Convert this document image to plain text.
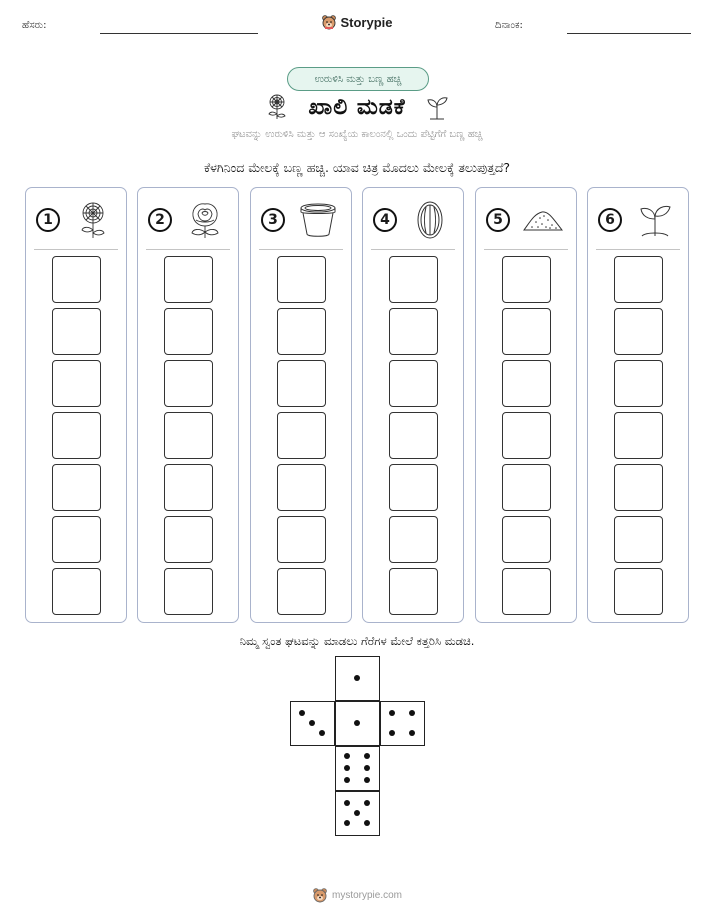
ಹೆಸರು:	Storypie	ದಿನಾಂಕ:
ಉರುಳಿಸಿ ಮತ್ತು ಬಣ್ಣ ಹಚ್ಚಿ
ಖಾಲಿ ಮಡಕೆ
ಘಟವನ್ನು ಉರುಳಿಸಿ ಮತ್ತು ಆ ಸಂಖ್ಯೆಯ ಕಾಲಂನಲ್ಲಿ ಒಂದು ಪೆಟ್ಟಿಗೆಗೆ ಬಣ್ಣ ಹಚ್ಚಿ
ಕೆಳಗಿನಿಂದ ಮೇಲಕ್ಕೆ ಬಣ್ಣ ಹಚ್ಚಿ. ಯಾವ ಚಿತ್ರ ಮೊದಲು ಮೇಲಕ್ಕೆ ತಲುಪುತ್ತದೆ?
1	2	3	4	5	6
ನಿಮ್ಮ ಸ್ವಂತ ಘಟವನ್ನು ಮಾಡಲು ಗೆರೆಗಳ ಮೇಲೆ ಕತ್ತರಿಸಿ ಮಡಚಿ.
mystorypie.com
